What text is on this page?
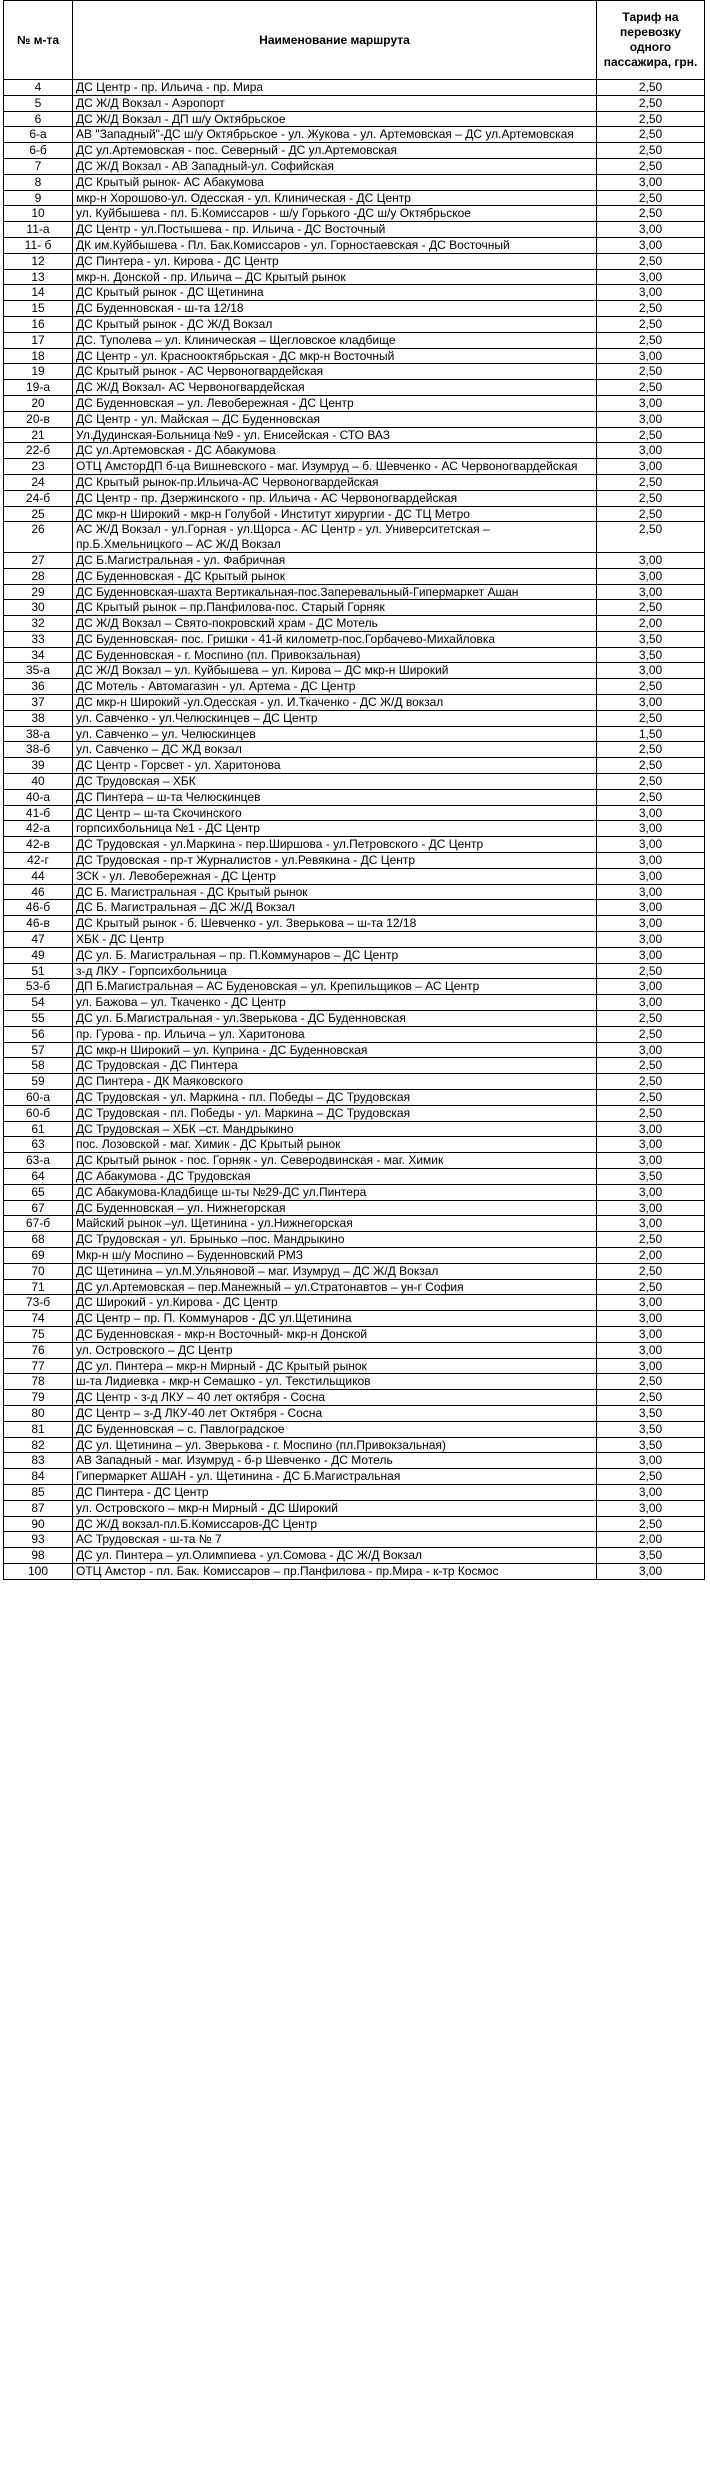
№ м-та	Наименование маршрута	Тариф на перевозку одного пассажира, грн.
4	ДС Центр - пр. Ильича - пр. Мира	2,50
5	ДС Ж/Д Вокзал - Аэропорт	2,50
6	ДС Ж/Д Вокзал - ДП ш/у Октябрьское	2,50
6-а	АВ "Западный"-ДС ш/у Октябрьское - ул. Жукова - ул. Артемовская – ДС ул.Артемовская	2,50
6-б	ДС ул.Артемовская - пос. Северный - ДС ул.Артемовская	2,50
7	ДС Ж/Д Вокзал - АВ Западный-ул. Софийская	2,50
8	ДС Крытый рынок- АС Абакумова	3,00
9	мкр-н Хорошово-ул. Одесская - ул. Клиническая - ДС Центр	2,50
10	ул. Куйбышева - пл. Б.Комиссаров - ш/у Горького -ДС ш/у Октябрьское	2,50
11-а	ДС Центр - ул.Постышева - пр. Ильича - ДС Восточный	3,00
11- б	ДК им.Куйбышева - Пл. Бак.Комиссаров - ул. Горностаевская - ДС Восточный	3,00
12	ДС Пинтера - ул. Кирова - ДС Центр	2,50
13	мкр-н. Донской - пр. Ильича – ДС Крытый рынок	3,00
14	ДС Крытый рынок - ДС Щетинина	3,00
15	ДС Буденновская - ш-та 12/18	2,50
16	ДС Крытый рынок - ДС Ж/Д Вокзал	2,50
17	ДС. Туполева – ул. Клиническая – Щегловское кладбище	2,50
18	ДС Центр - ул. Краснооктябрьская - ДС мкр-н Восточный	3,00
19	ДС Крытый рынок - АС Червоногвардейская	2,50
19-а	ДС Ж/Д Вокзал- АС Червоногвардейская	2,50
20	ДС Буденновская – ул. Левобережная - ДС Центр	3,00
20-в	ДС Центр - ул. Майская – ДС Буденновская	3,00
21	Ул.Дудинская-Больница №9 - ул. Енисейская - СТО ВАЗ	2,50
22-б	ДС ул.Артемовская - ДС Абакумова	3,00
23	ОТЦ АмсторДП б-ца Вишневского - маг. Изумруд – б. Шевченко - АС Червоногвардейская	3,00
24	ДС Крытый рынок-пр.Ильича-АС Червоногвардейская	2,50
24-б	ДС Центр - пр. Дзержинского - пр. Ильича - АС Червоногвардейская	2,50
25	ДС мкр-н Широкий - мкр-н Голубой - Институт хирургии - ДС ТЦ Метро	2,50
26	АС Ж/Д Вокзал - ул.Горная - ул.Щорса - АС Центр - ул. Университетская – пр.Б.Хмельницкого – АС Ж/Д Вокзал	2,50
27	ДС Б.Магистральная - ул. Фабричная	3,00
28	ДС Буденновская - ДС Крытый рынок	3,00
29	ДС Буденновская-шахта Вертикальная-пос.Заперевальный-Гипермаркет Ашан	3,00
30	ДС Крытый рынок – пр.Панфилова-пос. Старый Горняк	2,50
32	ДС Ж/Д Вокзал – Свято-покровский храм - ДС Мотель	2,00
33	ДС Буденновская- пос. Гришки - 41-й километр-пос.Горбачево-Михайловка	3,50
34	ДС Буденновская - г. Моспино (пл. Привокзальная)	3,50
35-а	ДС Ж/Д Вокзал – ул. Куйбышева – ул. Кирова – ДС мкр-н Широкий	3,00
36	ДС Мотель - Автомагазин - ул. Артема - ДС Центр	2,50
37	ДС мкр-н Широкий -ул.Одесская - ул. И.Ткаченко - ДС Ж/Д вокзал	3,00
38	ул. Савченко - ул.Челюскинцев – ДС Центр	2,50
38-а	ул. Савченко – ул. Челюскинцев	1,50
38-б	ул. Савченко – ДС ЖД вокзал	2,50
39	ДС Центр - Горсвет - ул. Харитонова	2,50
40	ДС Трудовская – ХБК	2,50
40-а	ДС Пинтера – ш-та Челюскинцев	2,50
41-б	ДС Центр – ш-та Скочинского	3,00
42-а	горпсихбольница №1 - ДС Центр	3,00
42-в	ДС Трудовская - ул.Маркина - пер.Ширшова - ул.Петровского - ДС Центр	3,00
42-г	ДС Трудовская - пр-т Журналистов - ул.Ревякина - ДС Центр	3,00
44	ЗСК - ул. Левобережная - ДС Центр	3,00
46	ДС Б. Магистральная - ДС Крытый рынок	3,00
46-б	ДС Б. Магистральная – ДС Ж/Д Вокзал	3,00
46-в	ДС Крытый рынок - б. Шевченко - ул. Зверькова – ш-та 12/18	3,00
47	ХБК - ДС Центр	3,00
49	ДС ул. Б. Магистральная – пр. П.Коммунаров – ДС Центр	3,00
51	з-д ЛКУ - Горпсихбольница	2,50
53-б	ДП Б.Магистральная – АС Буденовская – ул. Крепильщиков – АС Центр	3,00
54	ул. Бажова – ул. Ткаченко - ДС Центр	3,00
55	ДС ул. Б.Магистральная - ул.Зверькова - ДС Буденновская	2,50
56	пр. Гурова - пр. Ильича – ул. Харитонова	2,50
57	ДС мкр-н Широкий – ул. Куприна - ДС Буденновская	3,00
58	ДС Трудовская - ДС Пинтера	2,50
59	ДС Пинтера - ДК Маяковского	2,50
60-а	ДС Трудовская - ул. Маркина - пл. Победы – ДС Трудовская	2,50
60-б	ДС Трудовская - пл. Победы - ул. Маркина – ДС Трудовская	2,50
61	ДС Трудовская – ХБК –ст. Мандрыкино	3,00
63	пос. Лозовской - маг. Химик - ДС Крытый рынок	3,00
63-а	ДС Крытый рынок - пос. Горняк - ул. Северодвинская - маг. Химик	3,00
64	ДС Абакумова - ДС Трудовская	3,50
65	ДС Абакумова-Кладбище ш-ты №29-ДС ул.Пинтера	3,00
67	ДС Буденновская – ул. Нижнегорская	3,00
67-б	Майский рынок –ул. Щетинина - ул.Нижнегорская	3,00
68	ДС Трудовская - ул. Брынько –пос. Мандрыкино	2,50
69	Мкр-н ш/у Моспино – Буденновский РМЗ	2,00
70	ДС Щетинина – ул.М.Ульяновой – маг. Изумруд – ДС Ж/Д Вокзал	2,50
71	ДС ул.Артемовская – пер.Манежный – ул.Стратонавтов – ун-г София	2,50
73-б	ДС Широкий - ул.Кирова - ДС Центр	3,00
74	ДС Центр – пр. П. Коммунаров - ДС ул.Щетинина	3,00
75	ДС Буденновская - мкр-н Восточный- мкр-н Донской	3,00
76	ул. Островского – ДС Центр	3,00
77	ДС ул. Пинтера – мкр-н Мирный - ДС Крытый рынок	3,00
78	ш-та Лидиевка - мкр-н Семашко - ул. Текстильщиков	2,50
79	ДС Центр - з-д ЛКУ – 40 лет октября - Сосна	2,50
80	ДС Центр – з-Д ЛКУ-40 лет Октября - Сосна	3,50
81	ДС Буденновская – с. Павлоградское	3,50
82	ДС ул. Щетинина – ул. Зверькова - г. Моспино (пл.Привокзальная)	3,50
83	АВ Западный - маг. Изумруд - б-р Шевченко - ДС Мотель	3,00
84	Гипермаркет АШАН - ул. Щетинина - ДС Б.Магистральная	2,50
85	ДС Пинтера - ДС Центр	3,00
87	ул. Островского – мкр-н Мирный - ДС Широкий	3,00
90	ДС Ж/Д вокзал-пл.Б.Комиссаров-ДС Центр	2,50
93	АС Трудовская - ш-та № 7	2,00
98	ДС ул. Пинтера – ул.Олимпиева - ул.Сомова - ДС Ж/Д Вокзал	3,50
100	ОТЦ Амстор - пл. Бак. Комиссаров – пр.Панфилова - пр.Мира - к-тр Космос	3,00
